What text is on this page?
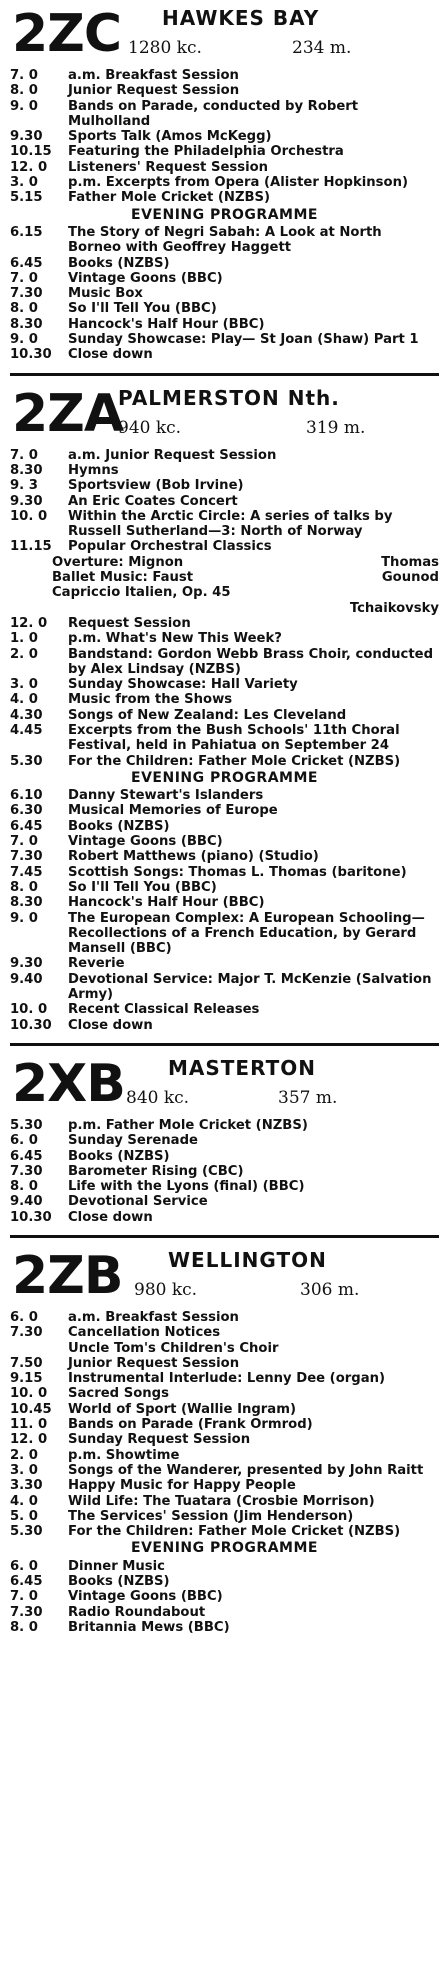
2ZC HAWKES BAY
1280 kc.	234 m.
7. 0	a.m. Breakfast Session
8. 0	Junior Request Session
9. 0	Bands on Parade, conducted by Robert Mulholland
9.30	Sports Talk (Amos McKegg)
10.15	Featuring the Philadelphia Orchestra
12. 0	Listeners' Request Session
3. 0	p.m. Excerpts from Opera (Alister Hopkinson)
5.15	Father Mole Cricket (NZBS)
EVENING PROGRAMME
6.15	The Story of Negri Sabah: A Look at North Borneo with Geoffrey Haggett
6.45	Books (NZBS)
7. 0	Vintage Goons (BBC)
7.30	Music Box
8. 0	So I'll Tell You (BBC)
8.30	Hancock's Half Hour (BBC)
9. 0	Sunday Showcase: Play— St Joan (Shaw) Part 1
10.30	Close down
2ZA
PALMERSTON Nth.
940 kc.	319 m.
7. 0	a.m. Junior Request Session
8.30	Hymns
9. 3	Sportsview (Bob Irvine)
9.30	An Eric Coates Concert
10. 0	Within the Arctic Circle: A series of talks by Russell Sutherland—3: North of Norway
11.15	Popular Orchestral Classics
Overture: Mignon	Thomas
Ballet Music: Faust	Gounod
Capriccio Italien, Op. 45
Tchaikovsky
12. 0	Request Session
1. 0	p.m. What's New This Week?
2. 0	Bandstand: Gordon Webb Brass Choir, conducted by Alex Lindsay (NZBS)
3. 0	Sunday Showcase: Hall Variety
4. 0	Music from the Shows
4.30	Songs of New Zealand: Les Cleveland
4.45	Excerpts from the Bush Schools' 11th Choral Festival, held in Pahiatua on September 24
5.30	For the Children: Father Mole Cricket (NZBS)
EVENING PROGRAMME
6.10	Danny Stewart's Islanders
6.30	Musical Memories of Europe
6.45	Books (NZBS)
7. 0	Vintage Goons (BBC)
7.30	Robert Matthews (piano) (Studio)
7.45	Scottish Songs: Thomas L. Thomas (baritone)
8. 0	So I'll Tell You (BBC)
8.30	Hancock's Half Hour (BBC)
9. 0	The European Complex: A European Schooling—Recollections of a French Education, by Gerard Mansell (BBC)
9.30	Reverie
9.40	Devotional Service: Major T. McKenzie (Salvation Army)
10. 0	Recent Classical Releases
10.30	Close down
2XB MASTERTON
840 kc.	357 m.
5.30	p.m. Father Mole Cricket (NZBS)
6. 0	Sunday Serenade
6.45	Books (NZBS)
7.30	Barometer Rising (CBC)
8. 0	Life with the Lyons (final) (BBC)
9.40	Devotional Service
10.30	Close down
2ZB WELLINGTON
980 kc.	306 m.
6. 0	a.m. Breakfast Session
7.30	Cancellation Notices
Uncle Tom's Children's Choir
7.50	Junior Request Session
9.15	Instrumental Interlude: Lenny Dee (organ)
10. 0	Sacred Songs
10.45	World of Sport (Wallie Ingram)
11. 0	Bands on Parade (Frank Ormrod)
12. 0	Sunday Request Session
2. 0	p.m. Showtime
3. 0	Songs of the Wanderer, presented by John Raitt
3.30	Happy Music for Happy People
4. 0	Wild Life: The Tuatara (Crosbie Morrison)
5. 0	The Services' Session (Jim Henderson)
5.30	For the Children: Father Mole Cricket (NZBS)
EVENING PROGRAMME
6. 0	Dinner Music
6.45	Books (NZBS)
7. 0	Vintage Goons (BBC)
7.30	Radio Roundabout
8. 0	Britannia Mews (BBC)
